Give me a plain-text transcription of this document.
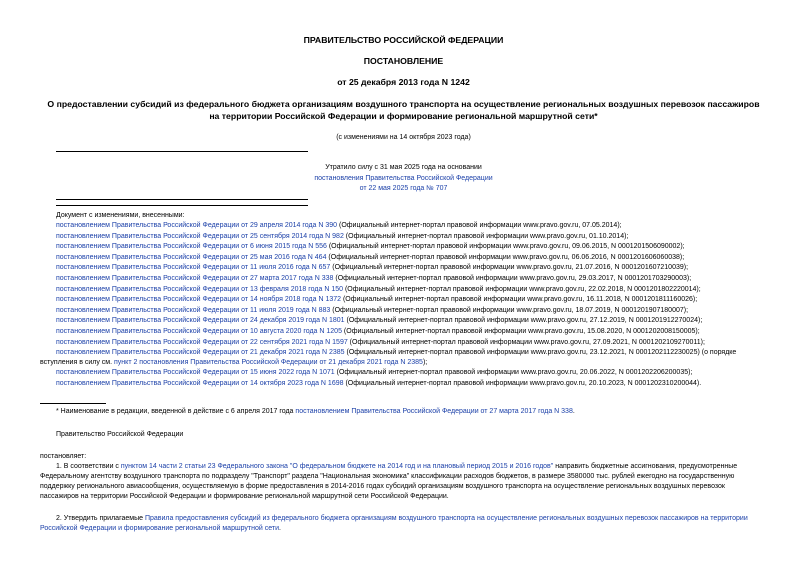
ПРАВИТЕЛЬСТВО РОССИЙСКОЙ ФЕДЕРАЦИИ
ПОСТАНОВЛЕНИЕ
от 25 декабря 2013 года N 1242
О предоставлении субсидий из федерального бюджета организациям воздушного транспорта на осуществление региональных воздушных перевозок пассажиров
на территории Российской Федерации и формирование региональной маршрутной сети*
(с изменениями на 14 октября 2023 года)
Утратило силу с 31 мая 2025 года на основании
постановления Правительства Российской Федерации
от 22 мая 2025 года № 707
Документ с изменениями, внесенными:
постановлением Правительства Российской Федерации от 29 апреля 2014 года N 390 (Официальный интернет-портал правовой информации www.pravo.gov.ru, 07.05.2014);
постановлением Правительства Российской Федерации от 25 сентября 2014 года N 982 (Официальный интернет-портал правовой информации www.pravo.gov.ru, 01.10.2014);
постановлением Правительства Российской Федерации от 6 июня 2015 года N 556 (Официальный интернет-портал правовой информации www.pravo.gov.ru, 09.06.2015, N 0001201506090002);
постановлением Правительства Российской Федерации от 25 мая 2016 года N 464 (Официальный интернет-портал правовой информации www.pravo.gov.ru, 06.06.2016, N 0001201606060038);
постановлением Правительства Российской Федерации от 11 июля 2016 года N 657 (Официальный интернет-портал правовой информации www.pravo.gov.ru, 21.07.2016, N 0001201607210039);
постановлением Правительства Российской Федерации от 27 марта 2017 года N 338 (Официальный интернет-портал правовой информации www.pravo.gov.ru, 29.03.2017, N 0001201703290003);
постановлением Правительства Российской Федерации от 13 февраля 2018 года N 150 (Официальный интернет-портал правовой информации www.pravo.gov.ru, 22.02.2018, N 0001201802220014);
постановлением Правительства Российской Федерации от 14 ноября 2018 года N 1372 (Официальный интернет-портал правовой информации www.pravo.gov.ru, 16.11.2018, N 0001201811160026);
постановлением Правительства Российской Федерации от 11 июля 2019 года N 883 (Официальный интернет-портал правовой информации www.pravo.gov.ru, 18.07.2019, N 0001201907180007);
постановлением Правительства Российской Федерации от 24 декабря 2019 года N 1801 (Официальный интернет-портал правовой информации www.pravo.gov.ru, 27.12.2019, N 0001201912270024);
постановлением Правительства Российской Федерации от 10 августа 2020 года N 1205 (Официальный интернет-портал правовой информации www.pravo.gov.ru, 15.08.2020, N 0001202008150005);
постановлением Правительства Российской Федерации от 22 сентября 2021 года N 1597 (Официальный интернет-портал правовой информации www.pravo.gov.ru, 27.09.2021, N 0001202109270011);
постановлением Правительства Российской Федерации от 21 декабря 2021 года N 2385 (Официальный интернет-портал правовой информации www.pravo.gov.ru, 23.12.2021, N 0001202112230025) (о порядке
вступления в силу см. пункт 2 постановления Правительства Российской Федерации от 21 декабря 2021 года N 2385);
постановлением Правительства Российской Федерации от 15 июня 2022 года N 1071 (Официальный интернет-портал правовой информации www.pravo.gov.ru, 20.06.2022, N 0001202206200035);
постановлением Правительства Российской Федерации от 14 октября 2023 года N 1698 (Официальный интернет-портал правовой информации www.pravo.gov.ru, 20.10.2023, N 0001202310200044).
* Наименование в редакции, введенной в действие с 6 апреля 2017 года постановлением Правительства Российской Федерации от 27 марта 2017 года N 338.
Правительство Российской Федерации
постановляет:
1. В соответствии с пунктом 14 части 2 статьи 23 Федерального закона "О федеральном бюджете на 2014 год и на плановый период 2015 и 2016 годов" направить бюджетные ассигнования, предусмотренные
Федеральному агентству воздушного транспорта по подразделу "Транспорт" раздела "Национальная экономика" классификации расходов бюджетов, в размере 3580000 тыс. рублей ежегодно на государственную
поддержку регионального авиасообщения, осуществляемую в форме предоставления в 2014-2016 годах субсидий организациям воздушного транспорта на осуществление региональных воздушных перевозок
пассажиров на территории Российской Федерации и формирование региональной маршрутной сети Российской Федерации.
2. Утвердить прилагаемые Правила предоставления субсидий из федерального бюджета организациям воздушного транспорта на осуществление региональных воздушных перевозок пассажиров на территории
Российской Федерации и формирование региональной маршрутной сети.
